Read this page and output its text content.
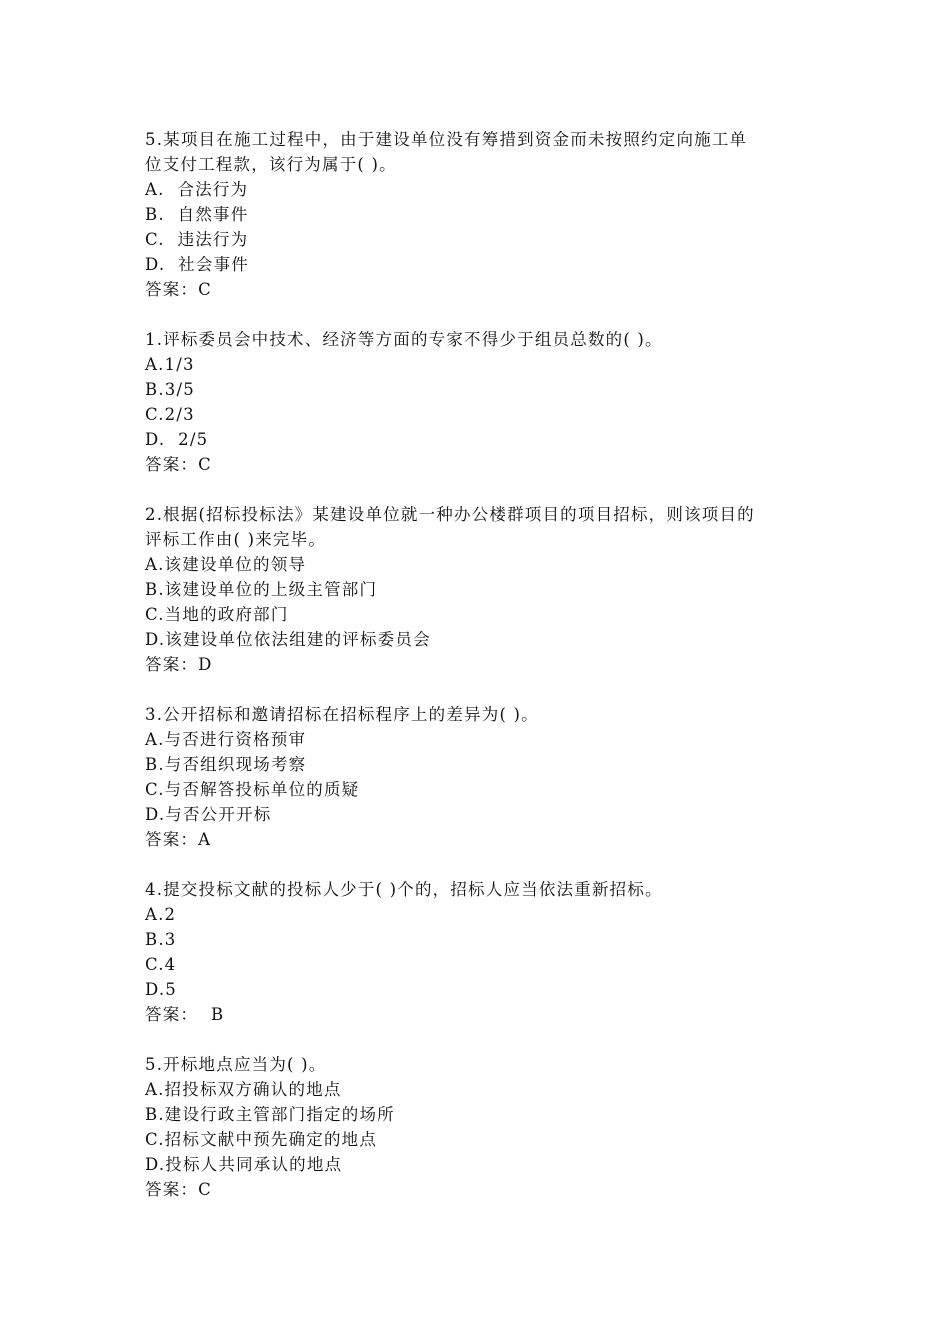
5.某项目在施工过程中，由于建设单位没有筹措到资金而未按照约定向施工单
位支付工程款，该行为属于( )。
A.  合法行为
B.  自然事件
C.  违法行为
D.  社会事件
答案：C
1.评标委员会中技术、经济等方面的专家不得少于组员总数的( )。
A.1/3
B.3/5
C.2/3
D.  2/5
答案：C
2.根据(招标投标法》某建设单位就一种办公楼群项目的项目招标，则该项目的
评标工作由( )来完毕。
A.该建设单位的领导
B.该建设单位的上级主管部门
C.当地的政府部门
D.该建设单位依法组建的评标委员会
答案：D
3.公开招标和邀请招标在招标程序上的差异为( )。
A.与否进行资格预审
B.与否组织现场考察
C.与否解答投标单位的质疑
D.与否公开开标
答案：A
4.提交投标文献的投标人少于( )个的，招标人应当依法重新招标。
A.2
B.3
C.4
D.5
答案：  B
5.开标地点应当为( )。
A.招投标双方确认的地点
B.建设行政主管部门指定的场所
C.招标文献中预先确定的地点
D.投标人共同承认的地点
答案：C
